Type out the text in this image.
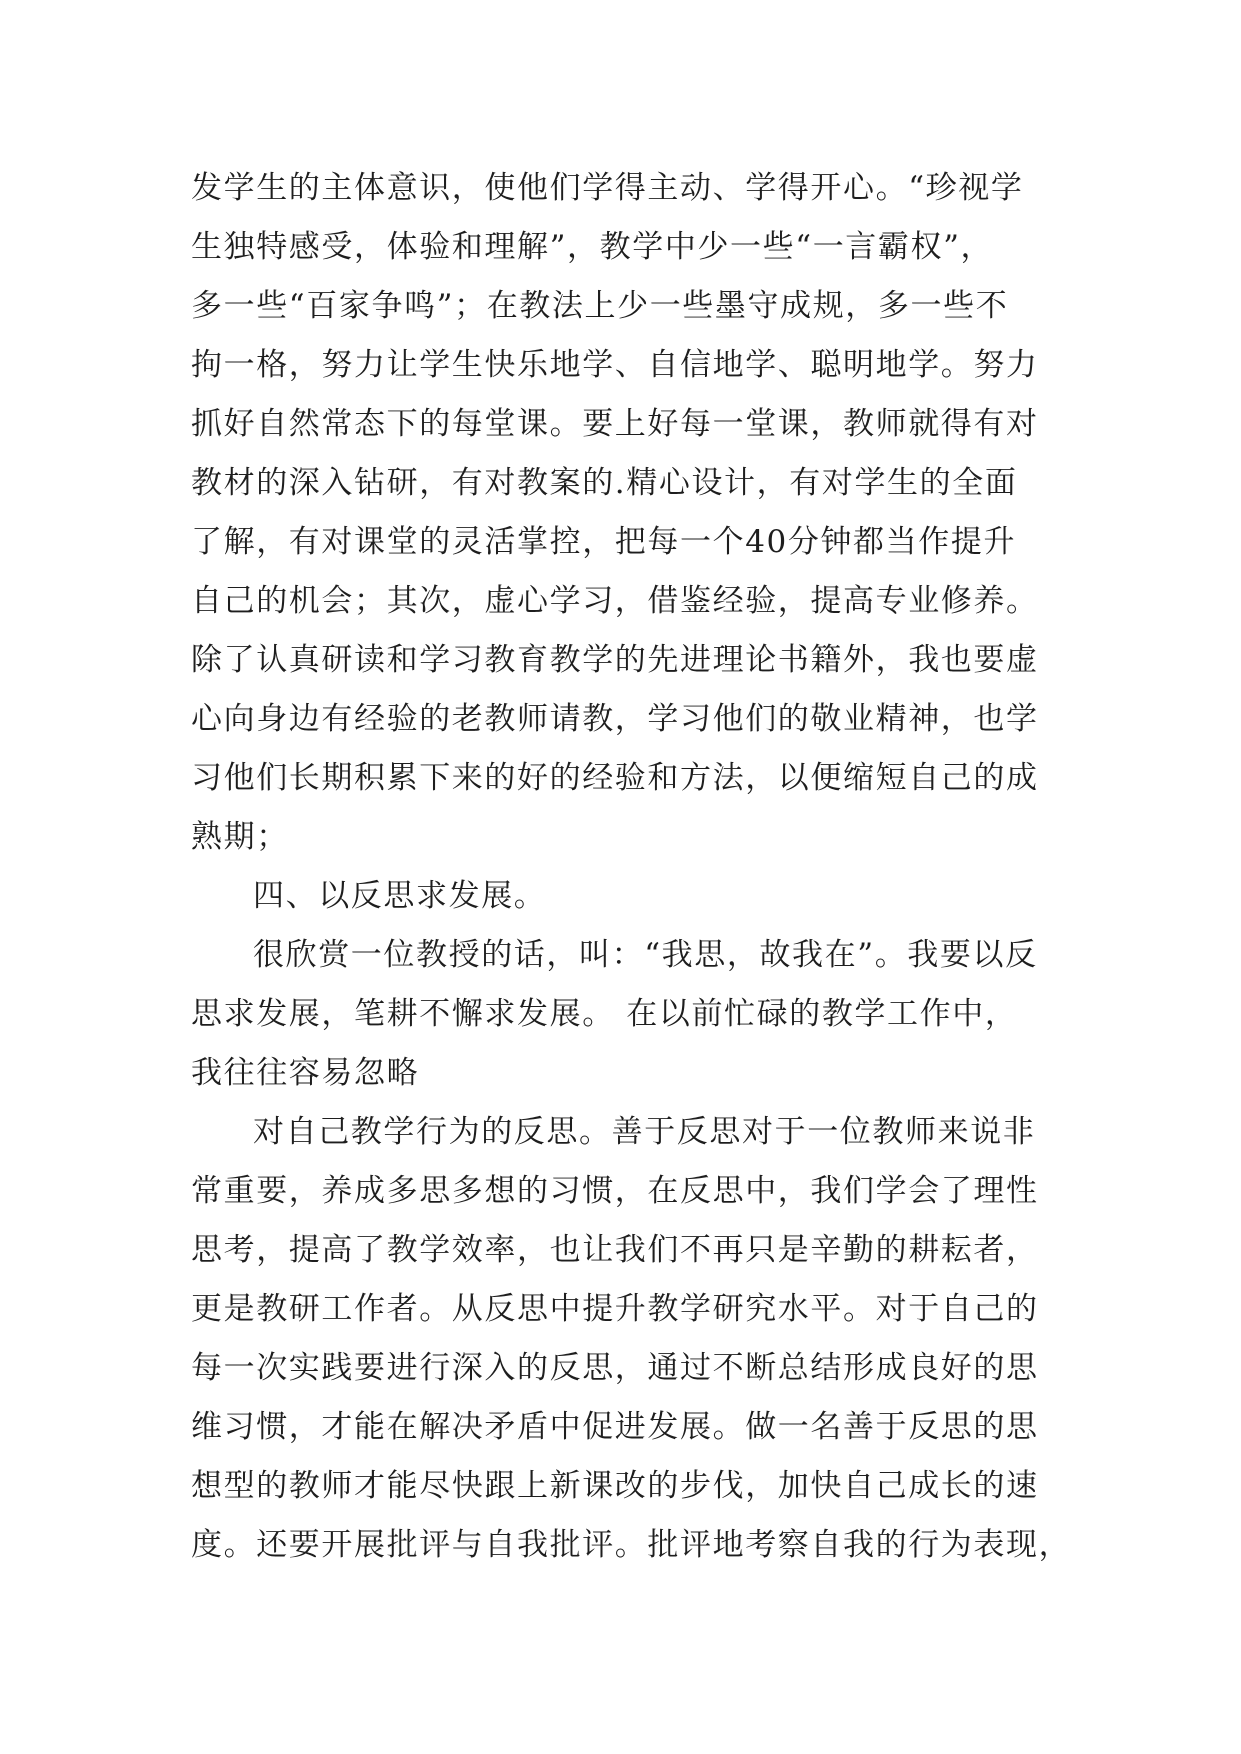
发学生的主体意识，使他们学得主动、学得开心。“珍视学
生独特感受，体验和理解”，教学中少一些“一言霸权”，
多一些“百家争鸣”；在教法上少一些墨守成规，多一些不
拘一格，努力让学生快乐地学、自信地学、聪明地学。努力
抓好自然常态下的每堂课。要上好每一堂课，教师就得有对
教材的深入钻研，有对教案的.精心设计，有对学生的全面
了解，有对课堂的灵活掌控，把每一个40分钟都当作提升
自己的机会；其次，虚心学习，借鉴经验，提高专业修养。
除了认真研读和学习教育教学的先进理论书籍外，我也要虚
心向身边有经验的老教师请教，学习他们的敬业精神，也学
习他们长期积累下来的好的经验和方法，以便缩短自己的成
熟期；
四、以反思求发展。
很欣赏一位教授的话，叫：“我思，故我在”。我要以反
思求发展，笔耕不懈求发展。 在以前忙碌的教学工作中，
我往往容易忽略
对自己教学行为的反思。善于反思对于一位教师来说非
常重要，养成多思多想的习惯，在反思中，我们学会了理性
思考，提高了教学效率，也让我们不再只是辛勤的耕耘者，
更是教研工作者。从反思中提升教学研究水平。对于自己的
每一次实践要进行深入的反思，通过不断总结形成良好的思
维习惯，才能在解决矛盾中促进发展。做一名善于反思的思
想型的教师才能尽快跟上新课改的步伐，加快自己成长的速
度。还要开展批评与自我批评。批评地考察自我的行为表现，
